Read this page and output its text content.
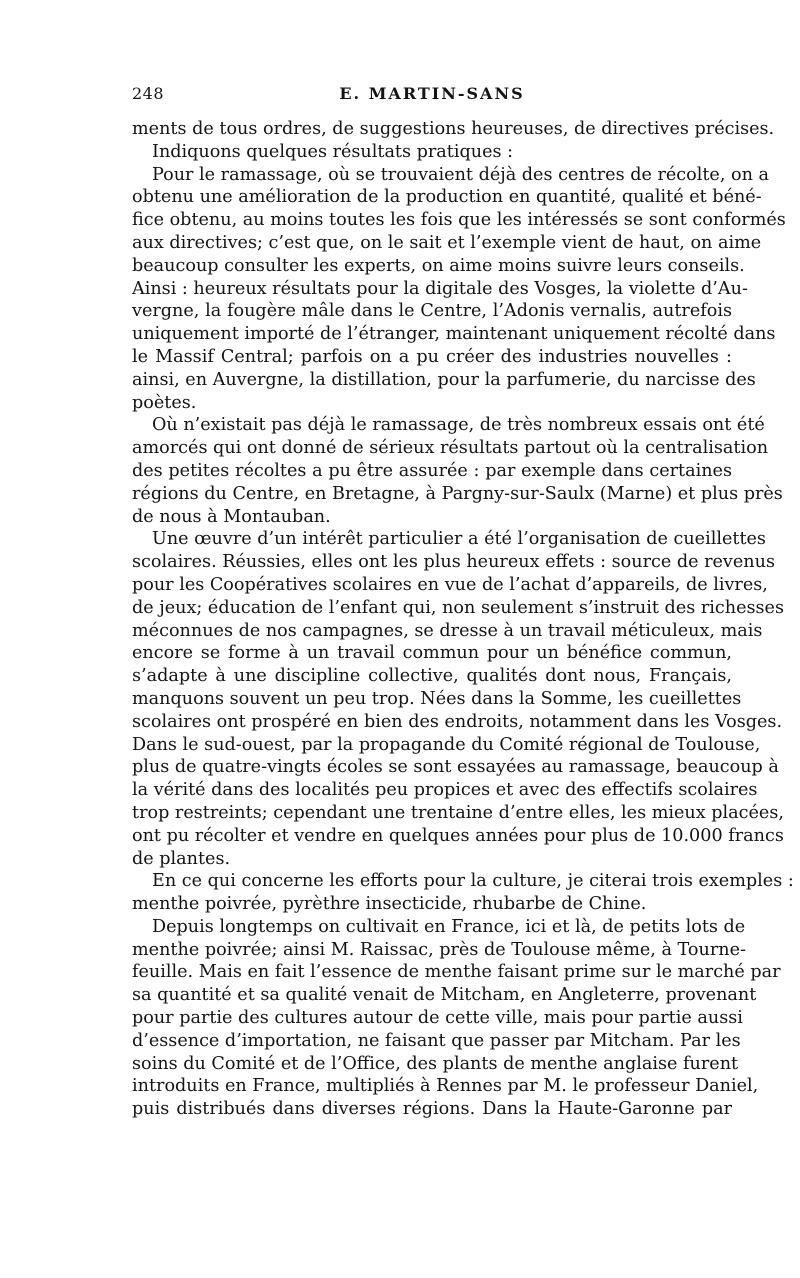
248	E. MARTIN-SANS
ments de tous ordres, de suggestions heureuses, de directives précises.
Indiquons quelques résultats pratiques :
Pour le ramassage, où se trouvaient déjà des centres de récolte, on a
obtenu une amélioration de la production en quantité, qualité et béné-
fice obtenu, au moins toutes les fois que les intéressés se sont conformés
aux directives; c’est que, on le sait et l’exemple vient de haut, on aime
beaucoup consulter les experts, on aime moins suivre leurs conseils.
Ainsi : heureux résultats pour la digitale des Vosges, la violette d’Au-
vergne, la fougère mâle dans le Centre, l’Adonis vernalis, autrefois
uniquement importé de l’étranger, maintenant uniquement récolté dans
le Massif Central; parfois on a pu créer des industries nouvelles :
ainsi, en Auvergne, la distillation, pour la parfumerie, du narcisse des
poètes.
Où n’existait pas déjà le ramassage, de très nombreux essais ont été
amorcés qui ont donné de sérieux résultats partout où la centralisation
des petites récoltes a pu être assurée : par exemple dans certaines
régions du Centre, en Bretagne, à Pargny-sur-Saulx (Marne) et plus près
de nous à Montauban.
Une œuvre d’un intérêt particulier a été l’organisation de cueillettes
scolaires. Réussies, elles ont les plus heureux effets : source de revenus
pour les Coopératives scolaires en vue de l’achat d’appareils, de livres,
de jeux; éducation de l’enfant qui, non seulement s’instruit des richesses
méconnues de nos campagnes, se dresse à un travail méticuleux, mais
encore se forme à un travail commun pour un bénéfice commun,
s’adapte à une discipline collective, qualités dont nous, Français,
manquons souvent un peu trop. Nées dans la Somme, les cueillettes
scolaires ont prospéré en bien des endroits, notamment dans les Vosges.
Dans le sud-ouest, par la propagande du Comité régional de Toulouse,
plus de quatre-vingts écoles se sont essayées au ramassage, beaucoup à
la vérité dans des localités peu propices et avec des effectifs scolaires
trop restreints; cependant une trentaine d’entre elles, les mieux placées,
ont pu récolter et vendre en quelques années pour plus de 10.000 francs
de plantes.
En ce qui concerne les efforts pour la culture, je citerai trois exemples :
menthe poivrée, pyrèthre insecticide, rhubarbe de Chine.
Depuis longtemps on cultivait en France, ici et là, de petits lots de
menthe poivrée; ainsi M. Raissac, près de Toulouse même, à Tourne-
feuille. Mais en fait l’essence de menthe faisant prime sur le marché par
sa quantité et sa qualité venait de Mitcham, en Angleterre, provenant
pour partie des cultures autour de cette ville, mais pour partie aussi
d’essence d’importation, ne faisant que passer par Mitcham. Par les
soins du Comité et de l’Office, des plants de menthe anglaise furent
introduits en France, multipliés à Rennes par M. le professeur Daniel,
puis distribués dans diverses régions. Dans la Haute-Garonne par
